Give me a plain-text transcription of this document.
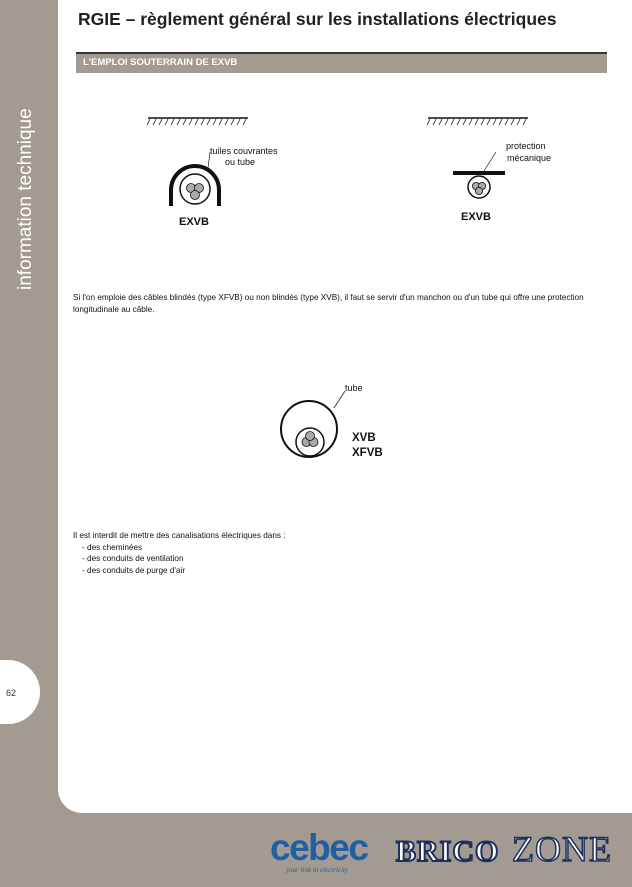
information technique
62
RGIE – règlement général sur les installations électriques
L'EMPLOI SOUTERRAIN DE EXVB
tuiles couvrantes
ou tube
EXVB
protection
mécanique
EXVB
Si l'on emploie des câbles blindés (type XFVB) ou non blindés (type XVB), il faut se servir d'un manchon ou d'un tube qui offre une protection longitudinale au câble.
tube
XVB
XFVB
Il est interdit de mettre des canalisations électriques dans :
- des cheminées
- des conduits de ventilation
- des conduits de purge d'air
cebec
your link to electricity
BRICO ZONE
